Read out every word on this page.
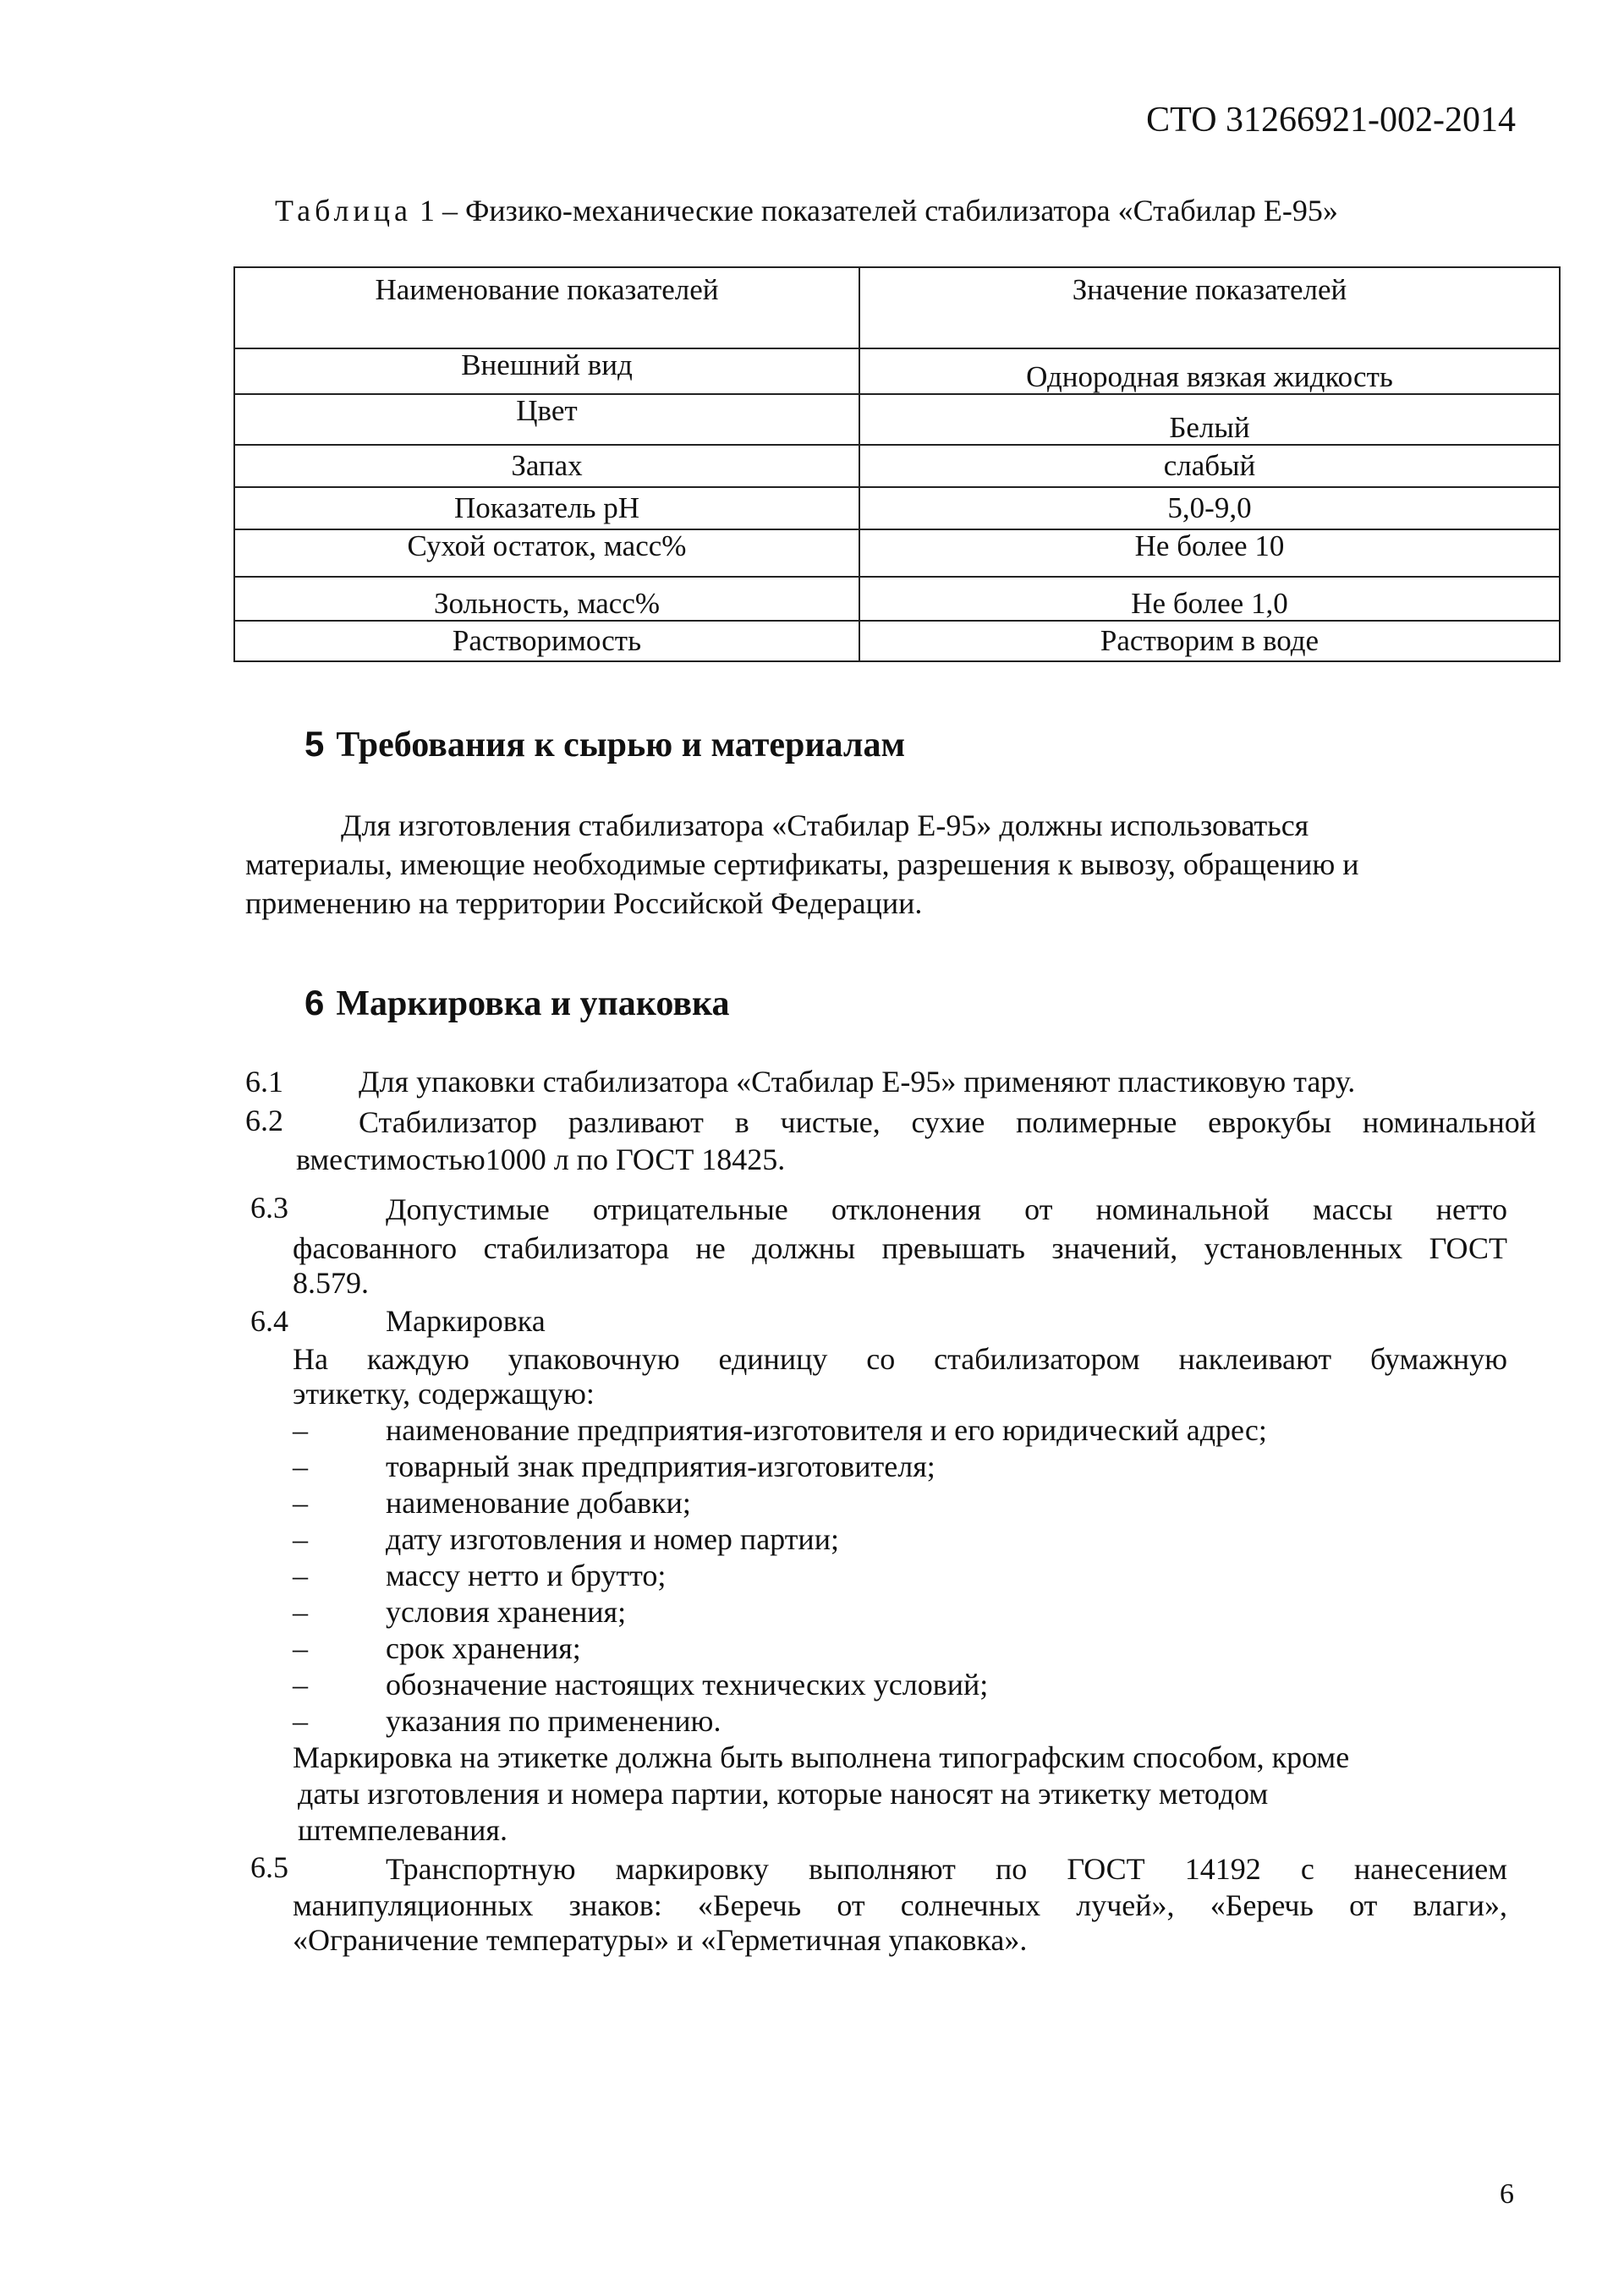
СТО 31266921-002-2014
Таблица 1 – Физико-механические показателей стабилизатора «Стабилар Е-95»
Наименование показателей	Значение показателей
Внешний вид	Однородная вязкая жидкость
Цвет	Белый
Запах	слабый
Показатель pH	5,0-9,0
Сухой остаток, масс%	Не более 10
Зольность, масс%	Не более 1,0
Растворимость	Растворим в воде
5 Требования к сырью и материалам
Для изготовления стабилизатора «Стабилар Е-95» должны использоваться
материалы, имеющие необходимые сертификаты, разрешения к вывозу, обращению и
применению на территории Российской Федерации.
6 Маркировка и упаковка
6.1 Для упаковки стабилизатора «Стабилар Е-95» применяют пластиковую тару.
6.2 Стабилизатор разливают в чистые, сухие полимерные еврокубы номинальной
вместимостью1000 л по ГОСТ 18425.
6.3	Допустимые отрицательные отклонения от номинальной массы нетто
фасованного стабилизатора не должны превышать значений, установленных ГОСТ
8.579.
6.4	Маркировка
На каждую упаковочную единицу со стабилизатором наклеивают бумажную
этикетку, содержащую:
–	наименование предприятия-изготовителя и его юридический адрес;
–	товарный знак предприятия-изготовителя;
–	наименование добавки;
–	дату изготовления и номер партии;
–	массу нетто и брутто;
–	условия хранения;
–	срок хранения;
–	обозначение настоящих технических условий;
–	указания по применению.
Маркировка на этикетке должна быть выполнена типографским способом, кроме
даты изготовления и номера партии, которые наносят на этикетку методом
штемпелевания.
6.5	Транспортную маркировку выполняют по ГОСТ 14192 с нанесением
манипуляционных знаков: «Беречь от солнечных лучей», «Беречь от влаги»,
«Ограничение температуры» и «Герметичная упаковка».
6
